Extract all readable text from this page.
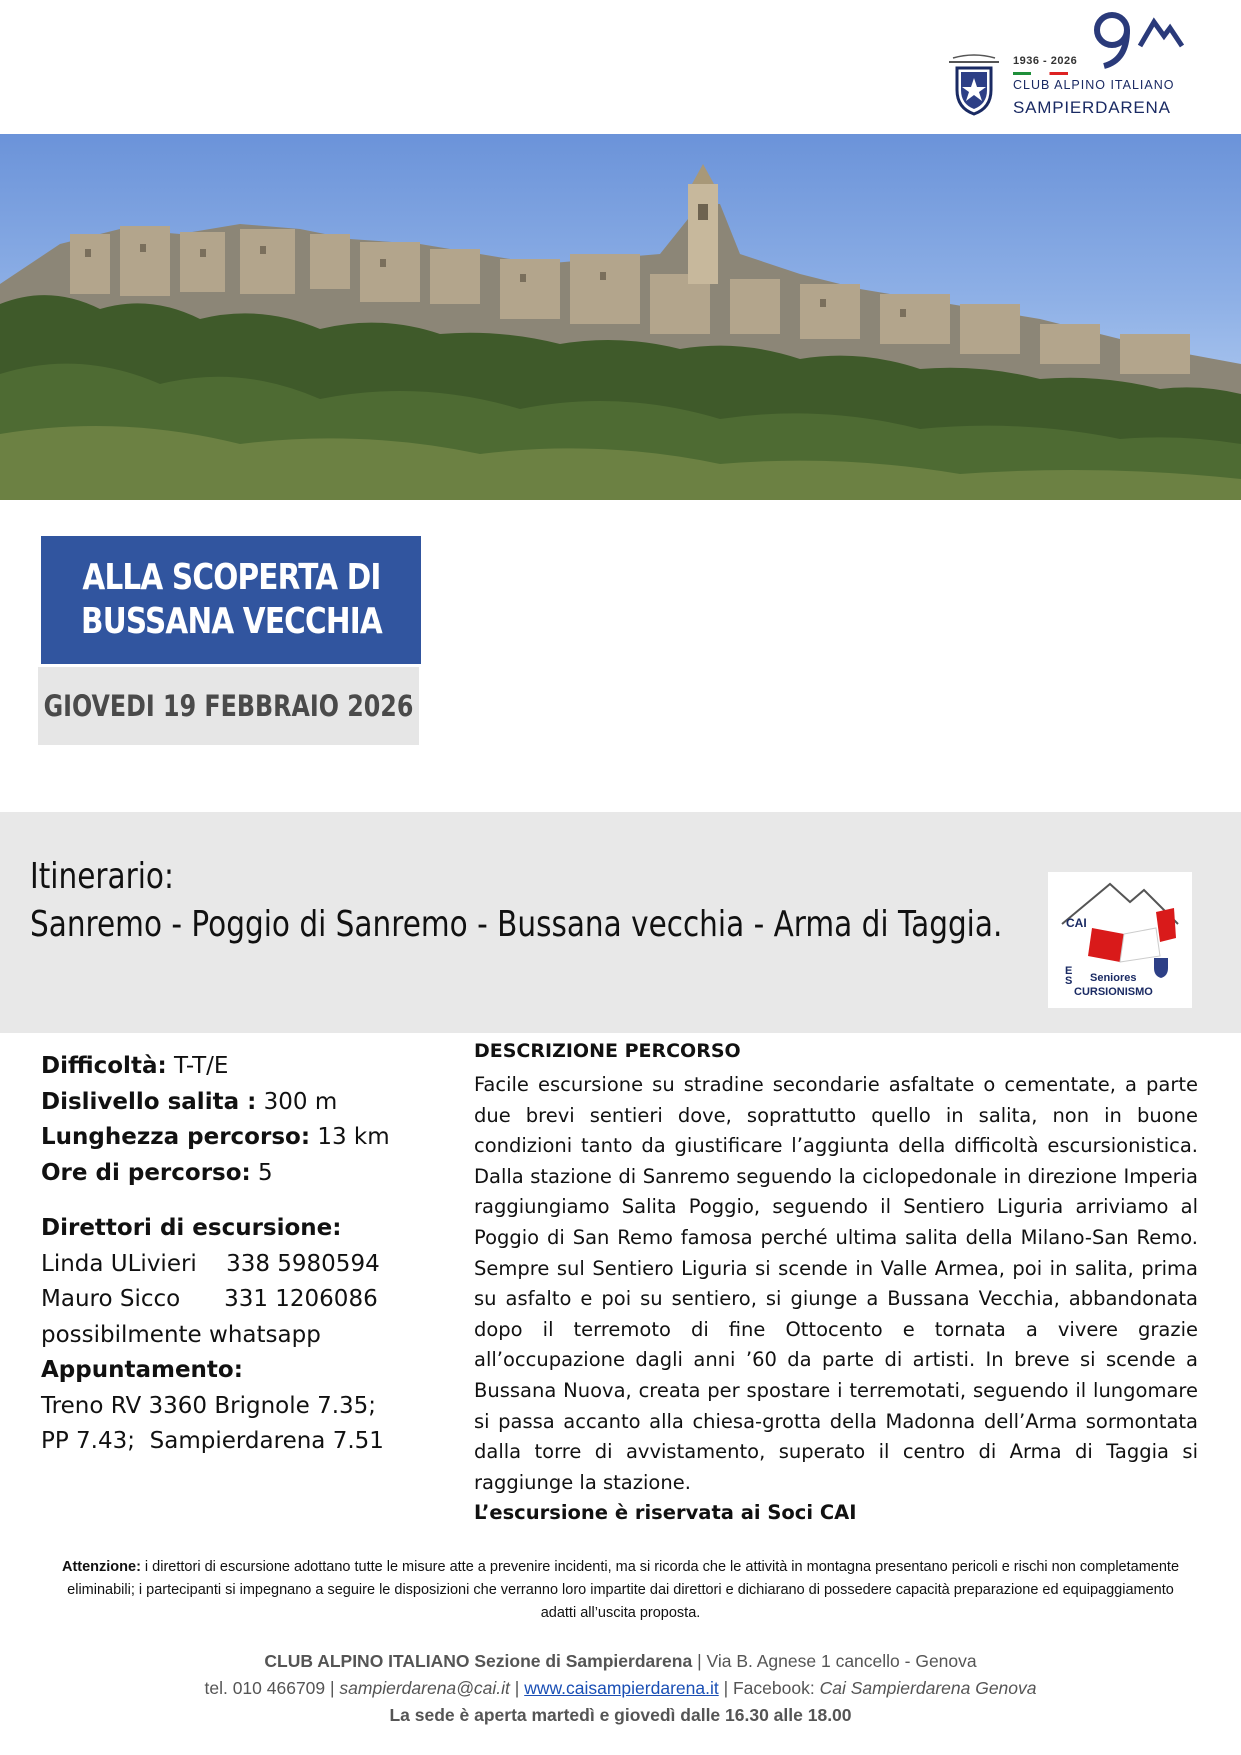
1936 - 2026
CLUB ALPINO ITALIANO
SAMPIERDARENA
ALLA SCOPERTA DI
BUSSANA VECCHIA
GIOVEDI 19 FEBBRAIO 2026
Itinerario:
Sanremo - Poggio di Sanremo - Bussana vecchia - Arma di Taggia.	CAI
E
S Seniores
CURSIONISMO
Difficoltà: T-T/E
Dislivello salita : 300 m
Lunghezza percorso: 13 km
Ore di percorso: 5
Direttori di escursione:
Linda ULivieri    338 5980594
Mauro Sicco      331 1206086
possibilmente whatsapp
Appuntamento:
Treno RV 3360 Brignole 7.35;
PP 7.43;  Sampierdarena 7.51
DESCRIZIONE PERCORSO

Facile escursione su stradine secondarie asfaltate o cementate, a parte due brevi sentieri dove, soprattutto quello in salita, non in buone condizioni tanto da giustificare l’aggiunta della difficoltà escursionistica. Dalla stazione di Sanremo seguendo la ciclopedonale in direzione Imperia raggiungiamo Salita Poggio, seguendo il Sentiero Liguria arriviamo al Poggio di San Remo famosa perché ultima salita della Milano-San Remo. Sempre sul Sentiero Liguria si scende in Valle Armea, poi in salita, prima su asfalto e poi su sentiero, si giunge a Bussana Vecchia, abbandonata dopo il terremoto di fine Ottocento e tornata a vivere grazie all’occupazione dagli anni ’60 da parte di artisti. In breve si scende a Bussana Nuova, creata per spostare i terremotati, seguendo il lungomare si passa accanto alla chiesa-grotta della Madonna dell’Arma sormontata dalla torre di avvistamento, superato il centro di Arma di Taggia si raggiunge la stazione.

L’escursione è riservata ai Soci CAI
Attenzione: i direttori di escursione adottano tutte le misure atte a prevenire incidenti, ma si ricorda che le attività in montagna presentano pericoli e rischi non completamente eliminabili; i partecipanti si impegnano a seguire le disposizioni che verranno loro impartite dai direttori e dichiarano di possedere capacità preparazione ed equipaggiamento adatti all’uscita proposta.
CLUB ALPINO ITALIANO Sezione di Sampierdarena | Via B. Agnese 1 cancello - Genova
tel. 010 466709 | sampierdarena@cai.it | www.caisampierdarena.it | Facebook: Cai Sampierdarena Genova
La sede è aperta martedì e giovedì dalle 16.30 alle 18.00
